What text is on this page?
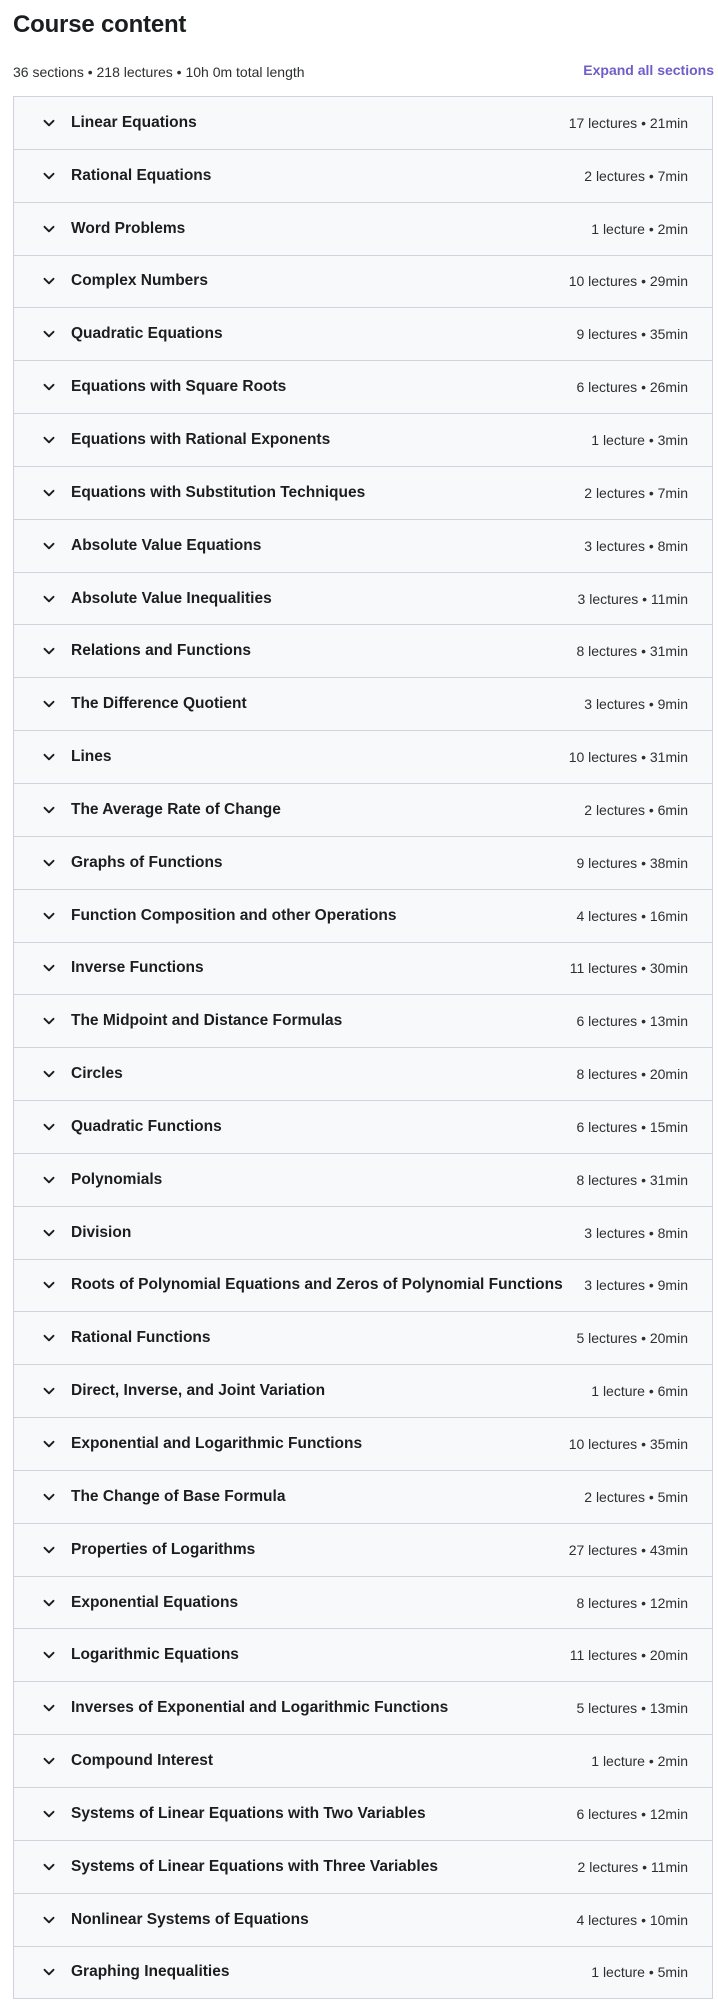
Course content
36 sections • 218 lectures • 10h 0m total length	Expand all sections
Linear Equations	17 lectures • 21min
Rational Equations	2 lectures • 7min
Word Problems	1 lecture • 2min
Complex Numbers	10 lectures • 29min
Quadratic Equations	9 lectures • 35min
Equations with Square Roots	6 lectures • 26min
Equations with Rational Exponents	1 lecture • 3min
Equations with Substitution Techniques	2 lectures • 7min
Absolute Value Equations	3 lectures • 8min
Absolute Value Inequalities	3 lectures • 11min
Relations and Functions	8 lectures • 31min
The Difference Quotient	3 lectures • 9min
Lines	10 lectures • 31min
The Average Rate of Change	2 lectures • 6min
Graphs of Functions	9 lectures • 38min
Function Composition and other Operations	4 lectures • 16min
Inverse Functions	11 lectures • 30min
The Midpoint and Distance Formulas	6 lectures • 13min
Circles	8 lectures • 20min
Quadratic Functions	6 lectures • 15min
Polynomials	8 lectures • 31min
Division	3 lectures • 8min
Roots of Polynomial Equations and Zeros of Polynomial Functions 3 lectures • 9min
Rational Functions	5 lectures • 20min
Direct, Inverse, and Joint Variation	1 lecture • 6min
Exponential and Logarithmic Functions	10 lectures • 35min
The Change of Base Formula	2 lectures • 5min
Properties of Logarithms	27 lectures • 43min
Exponential Equations	8 lectures • 12min
Logarithmic Equations	11 lectures • 20min
Inverses of Exponential and Logarithmic Functions	5 lectures • 13min
Compound Interest	1 lecture • 2min
Systems of Linear Equations with Two Variables	6 lectures • 12min
Systems of Linear Equations with Three Variables	2 lectures • 11min
Nonlinear Systems of Equations	4 lectures • 10min
Graphing Inequalities	1 lecture • 5min
